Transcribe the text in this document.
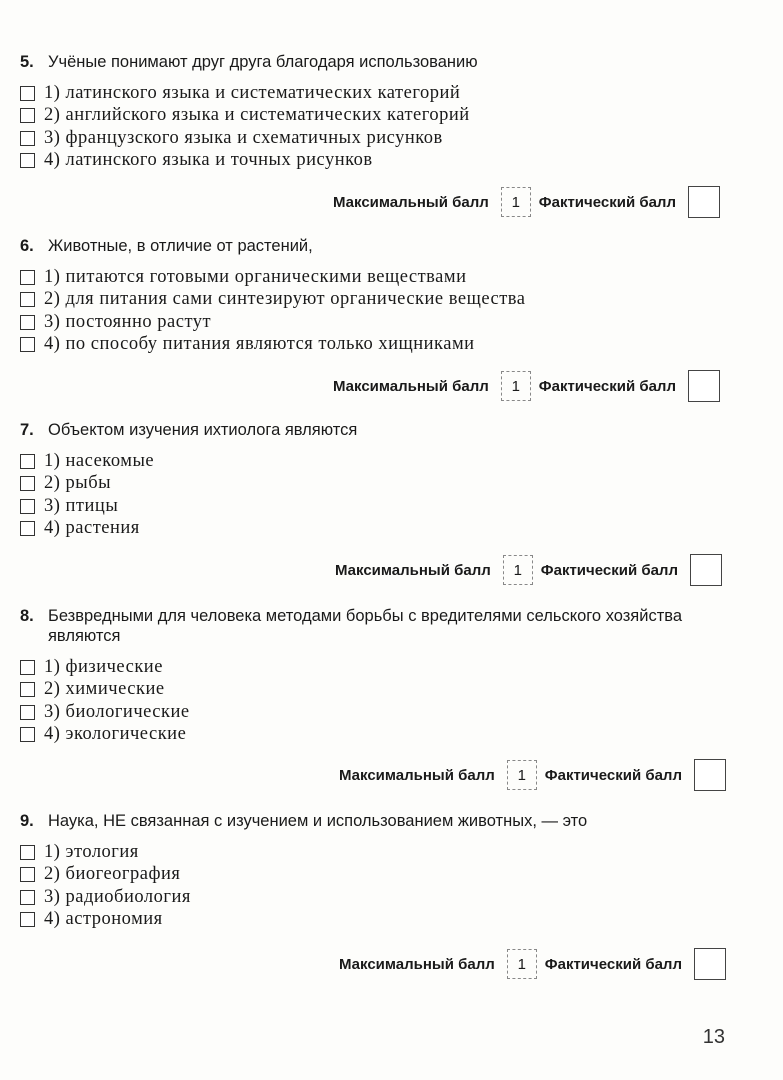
5. Учёные понимают друг друга благодаря использованию
1) латинского языка и систематических категорий
2) английского языка и систематических категорий
3) французского языка и схематичных рисунков
4) латинского языка и точных рисунков
Максимальный балл	1	Фактический балл
6. Животные, в отличие от растений,
1) питаются готовыми органическими веществами
2) для питания сами синтезируют органические вещества
3) постоянно растут
4) по способу питания являются только хищниками
Максимальный балл	1	Фактический балл
7. Объектом изучения ихтиолога являются
1) насекомые
2) рыбы
3) птицы
4) растения
Максимальный балл	1	Фактический балл
8. Безвредными для человека методами борьбы с вредителями сельского хозяйства являются
1) физические
2) химические
3) биологические
4) экологические
Максимальный балл	1	Фактический балл
9. Наука, НЕ связанная с изучением и использованием животных, — это
1) этология
2) биогеография
3) радиобиология
4) астрономия
Максимальный балл	1	Фактический балл
13
